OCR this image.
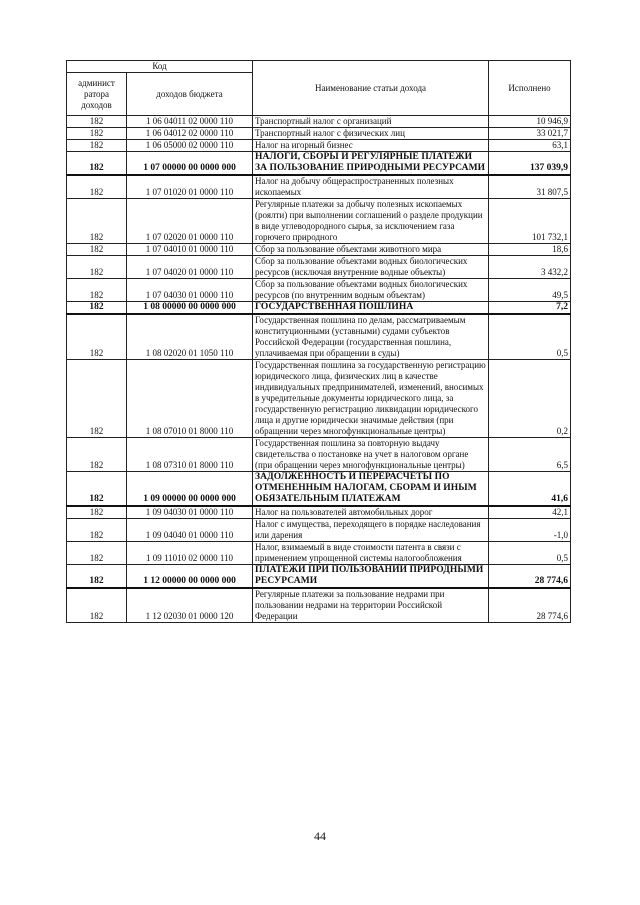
Код		Наименование статьи дохода	Исполнено
админист ратора доходов	доходов бюджета		
182	1 06 04011 02 0000 110	Транспортный налог с организаций	10 946,9
182	1 06 04012 02 0000 110	Транспортный налог с физических лиц	33 021,7
182	1 06 05000 02 0000 110	Налог на игорный бизнес	63,1
182	1 07 00000 00 0000 000	НАЛОГИ, СБОРЫ И РЕГУЛЯРНЫЕ ПЛАТЕЖИ ЗА ПОЛЬЗОВАНИЕ ПРИРОДНЫМИ РЕСУРСАМИ	137 039,9
182	1 07 01020 01 0000 110	Налог на добычу общераспространенных полезных ископаемых	31 807,5
182	1 07 02020 01 0000 110	Регулярные платежи за добычу полезных ископаемых (роялти) при выполнении соглашений о разделе продукции в виде углеводородного сырья, за исключением газа горючего природного	101 732,1
182	1 07 04010 01 0000 110	Сбор за пользование объектами животного мира	18,6
182	1 07 04020 01 0000 110	Сбор за пользование объектами водных биологических ресурсов (исключая внутренние водные объекты)	3 432,2
182	1 07 04030 01 0000 110	Сбор за пользование объектами водных биологических ресурсов (по внутренним водным объектам)	49,5
182	1 08 00000 00 0000 000	ГОСУДАРСТВЕННАЯ ПОШЛИНА	7,2
182	1 08 02020 01 1050 110	Государственная пошлина по делам, рассматриваемым конституционными (уставными) судами субъектов Российской Федерации (государственная пошлина, уплачиваемая при обращении в суды)	0,5
182	1 08 07010 01 8000 110	Государственная пошлина за государственную регистрацию юридического лица, физических лиц в качестве индивидуальных предпринимателей, изменений, вносимых в учредительные документы юридического лица, за государственную регистрацию ликвидации юридического лица и другие юридически значимые действия (при обращении через многофункциональные центры)	0,2
182	1 08 07310 01 8000 110	Государственная пошлина за повторную выдачу свидетельства о постановке на учет в налоговом органе (при обращении через многофункциональные центры)	6,5
182	1 09 00000 00 0000 000	ЗАДОЛЖЕННОСТЬ И ПЕРЕРАСЧЕТЫ ПО ОТМЕНЕННЫМ НАЛОГАМ, СБОРАМ И ИНЫМ ОБЯЗАТЕЛЬНЫМ ПЛАТЕЖАМ	41,6
182	1 09 04030 01 0000 110	Налог на пользователей автомобильных дорог	42,1
182	1 09 04040 01 0000 110	Налог с имущества, переходящего в порядке наследования или дарения	-1,0
182	1 09 11010 02 0000 110	Налог, взимаемый в виде стоимости патента в связи с применением упрощенной системы налогообложения	0,5
182	1 12 00000 00 0000 000	ПЛАТЕЖИ ПРИ ПОЛЬЗОВАНИИ ПРИРОДНЫМИ РЕСУРСАМИ	28 774,6
182	1 12 02030 01 0000 120	Регулярные платежи за пользование недрами при пользовании недрами на территории Российской Федерации	28 774,6
44
